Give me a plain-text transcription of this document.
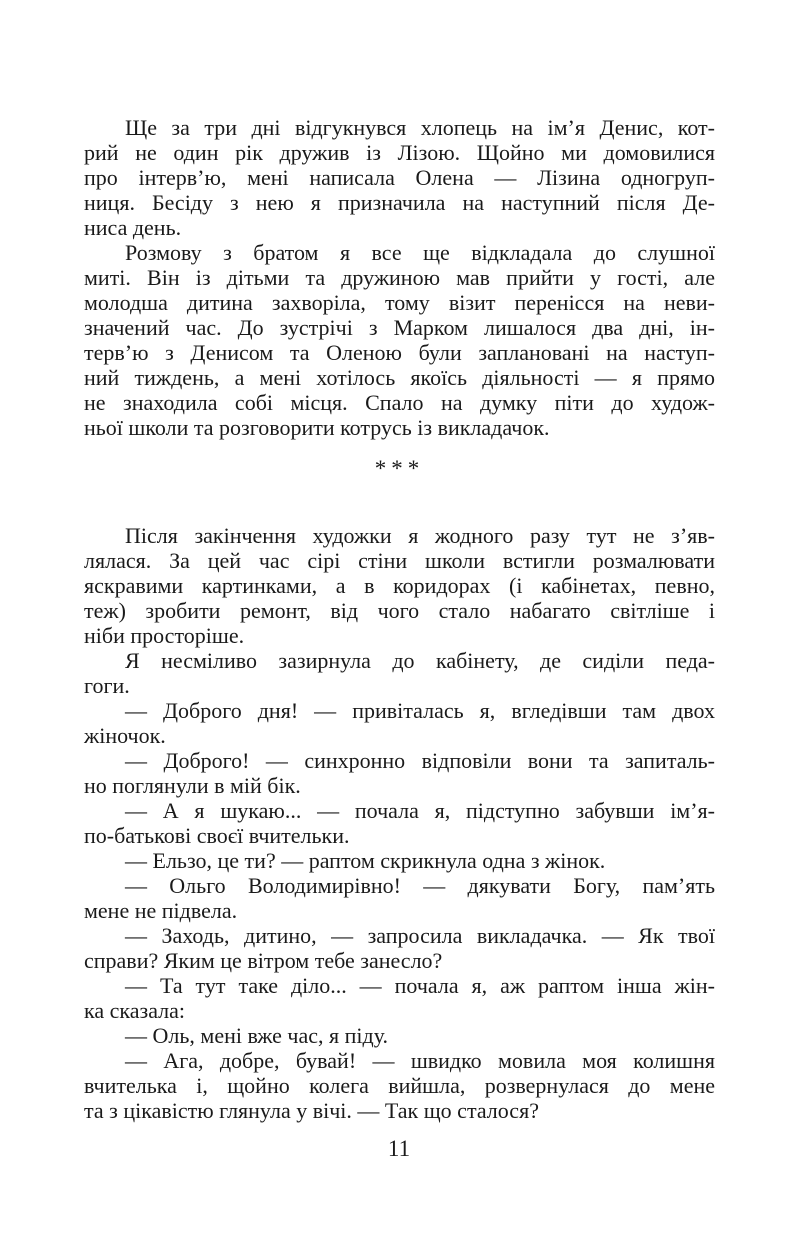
Ще за три дні відгукнувся хлопець на ім’я Денис, кот-
рий не один рік дружив із Лізою. Щойно ми домовилися
про інтерв’ю, мені написала Олена — Лізина одногруп-
ниця. Бесіду з нею я призначила на наступний після Де-
ниса день.

Розмову з братом я все ще відкладала до слушної
миті. Він із дітьми та дружиною мав прийти у гості, але
молодша дитина захворіла, тому візит перенісся на неви-
значений час. До зустрічі з Марком лишалося два дні, ін-
терв’ю з Денисом та Оленою були заплановані на наступ-
ний тиждень, а мені хотілось якоїсь діяльності — я прямо
не знаходила собі місця. Спало на думку піти до худож-
ньої школи та розговорити котрусь із викладачок.

***

Після закінчення художки я жодного разу тут не з’яв-
лялася. За цей час сірі стіни школи встигли розмалювати
яскравими картинками, а в коридорах (і кабінетах, певно,
теж) зробити ремонт, від чого стало набагато світліше і
ніби просторіше.

Я несміливо зазирнула до кабінету, де сиділи педа-
гоги.

— Доброго дня! — привіталась я, вгледівши там двох
жіночок.

— Доброго! — синхронно відповіли вони та запиталь-
но поглянули в мій бік.

— А я шукаю... — почала я, підступно забувши ім’я-
по-батькові своєї вчительки.

— Ельзо, це ти? — раптом скрикнула одна з жінок.

— Ольго Володимирівно! — дякувати Богу, пам’ять
мене не підвела.

— Заходь, дитино, — запросила викладачка. — Як твої
справи? Яким це вітром тебе занесло?

— Та тут таке діло... — почала я, аж раптом інша жін-
ка сказала:

— Оль, мені вже час, я піду.

— Ага, добре, бувай! — швидко мовила моя колишня
вчителька і, щойно колега вийшла, розвернулася до мене
та з цікавістю глянула у вічі. — Так що сталося?

11
